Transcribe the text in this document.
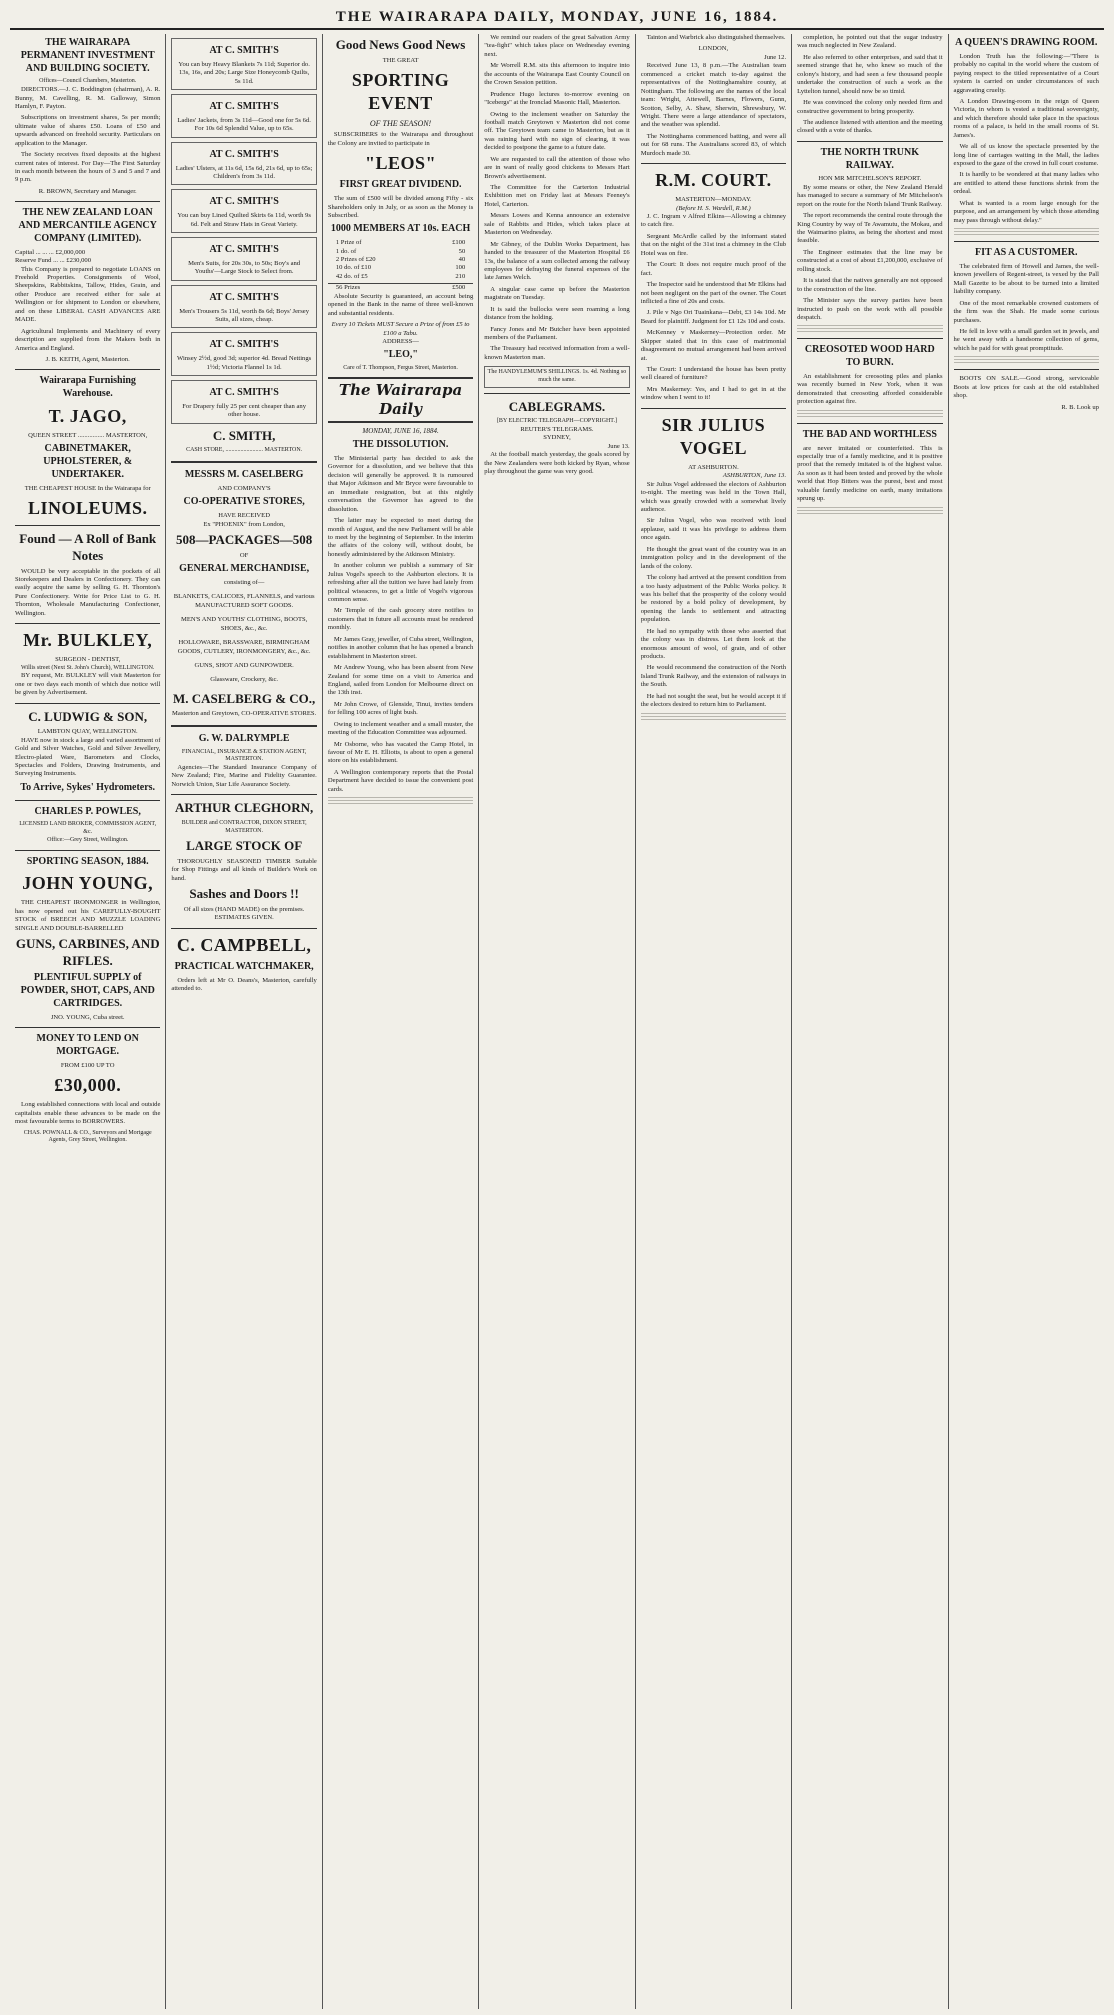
THE WAIRARAPA DAILY, MONDAY, JUNE 16, 1884.
THE WAIRARAPA PERMANENT INVESTMENT AND BUILDING SOCIETY.
Offices—Council Chambers, Masterton.

DIRECTORS.—J. C. Boddington (chairman), A. R. Bunny, M. Cavelling, R. M. Galloway, Simon Hamlyn, F. Payton.

Subscriptions on investment shares, 5s per month; ultimate value of shares £50. Loans of £50 and upwards advanced on freehold security. Particulars on application to the Manager.

The Society receives fixed deposits at the highest current rates of interest. For Day—The First Saturday in each month between the hours of 3 and 5 and 7 and 9 p.m.

R. BROWN, Secretary and Manager.
THE NEW ZEALAND LOAN AND MERCANTILE AGENCY COMPANY (LIMITED).
Capital ... ... ... £2,000,000
Reserve Fund ... ... £230,000

This Company is prepared to negotiate LOANS on Freehold Properties. Consignments of Wool, Sheepskins, Rabbitskins, Tallow, Hides, Grain, and other Produce are received either for sale at Wellington or for shipment to London or elsewhere, and on these LIBERAL CASH ADVANCES ARE MADE.

Agricultural Implements and Machinery of every description are supplied from the Makers both in America and England.

J. B. KEITH, Agent, Masterton.
Wairarapa Furnishing Warehouse.
T. JAGO,
QUEEN STREET ................ MASTERTON,
CABINETMAKER, UPHOLSTERER, & UNDERTAKER.
THE CHEAPEST HOUSE In the Wairarapa for
LINOLEUMS.
Found — A Roll of Bank Notes

WOULD be very acceptable in the pockets of all Storekeepers and Dealers in Confectionery. They can easily acquire the same by selling G. H. Thornton's Pure Confectionery. Write for Price List to G. H. Thornton, Wholesale Manufacturing Confectioner, Wellington.

Mr. BULKLEY,
SURGEON - DENTIST,
Willis street (Next St. John's Church), WELLINGTON.

BY request, Mr. BULKLEY will visit Masterton for one or two days each month of which due notice will be given by Advertisement.

C. LUDWIG & SON,
LAMBTON QUAY, WELLINGTON.

HAVE now in stock a large and varied assortment of Gold and Silver Watches, Gold and Silver Jewellery, Electro-plated Ware, Barometers and Clocks, Spectacles and Folders, Drawing Instruments, and Surveying Instruments.

To Arrive, Sykes' Hydrometers.
CHARLES P. POWLES,
LICENSED LAND BROKER, COMMISSION AGENT, &c.
Office:—Grey Street, Wellington.
SPORTING SEASON, 1884.
JOHN YOUNG,

THE CHEAPEST IRONMONGER in Wellington, has now opened out his CAREFULLY-BOUGHT STOCK of BREECH AND MUZZLE LOADING SINGLE AND DOUBLE-BARRELLED

GUNS, CARBINES, AND RIFLES.
PLENTIFUL SUPPLY of POWDER, SHOT, CAPS, AND CARTRIDGES.
JNO. YOUNG, Cuba street.
MONEY TO LEND ON MORTGAGE.
FROM £100 UP TO
£30,000.

Long established connections with local and outside capitalists enable these advances to be made on the most favourable terms to BORROWERS.

CHAS. POWNALL & CO., Surveyors and Mortgage Agents, Grey Street, Wellington.
AT C. SMITH'S
You can buy Heavy Blankets 7s 11d; Superior do. 13s, 16s, and 20s; Large Size Honeycomb Quilts, 5s 11d.
AT C. SMITH'S
Ladies' Jackets, from 3s 11d—Good one for 5s 6d. For 10s 6d Splendid Value, up to 65s.
AT C. SMITH'S
Ladies' Ulsters, at 11s 6d, 15s 6d, 21s 6d, up to 65s; Children's from 3s 11d.
AT C. SMITH'S
You can buy Lined Quilted Skirts 6s 11d, worth 9s 6d. Felt and Straw Hats in Great Variety.
AT C. SMITH'S
Men's Suits, for 20s 30s, to 50s; Boy's and Youths'—Large Stock to Select from.
AT C. SMITH'S
Men's Trousers 5s 11d, worth 8s 6d; Boys' Jersey Suits, all sizes, cheap.
AT C. SMITH'S
Winsey 2½d, good 3d; superior 4d. Bread Nettings 1½d; Victoria Flannel 1s 1d.
AT C. SMITH'S
For Drapery fully 25 per cent cheaper than any other house.
C. SMITH,
CASH STORE, ......................... MASTERTON.
MESSRS M. CASELBERG
AND COMPANY'S
CO-OPERATIVE STORES,
HAVE RECEIVED
Ex "PHOENIX" from London,
508—PACKAGES—508
OF
GENERAL MERCHANDISE,
consisting of—
BLANKETS, CALICOES, FLANNELS, and various MANUFACTURED SOFT GOODS.
MEN'S AND YOUTHS' CLOTHING, BOOTS, SHOES, &c., &c.
HOLLOWARE, BRASSWARE, BIRMINGHAM GOODS, CUTLERY, IRONMONGERY, &c., &c.
GUNS, SHOT AND GUNPOWDER.
Glassware, Crockery, &c.
M. CASELBERG & CO.,
Masterton and Greytown, CO-OPERATIVE STORES.
G. W. DALRYMPLE
FINANCIAL, INSURANCE & STATION AGENT, MASTERTON.

Agencies—The Standard Insurance Company of New Zealand; Fire, Marine and Fidelity Guarantee. Norwich Union, Star Life Assurance Society.

ARTHUR CLEGHORN,
BUILDER and CONTRACTOR, DIXON STREET, MASTERTON.
LARGE STOCK OF

THOROUGHLY SEASONED TIMBER Suitable for Shop Fittings and all kinds of Builder's Work on hand.

Sashes and Doors !!
Of all sizes (HAND MADE) on the premises. ESTIMATES GIVEN.
C. CAMPBELL,
PRACTICAL WATCHMAKER,

Orders left at Mr O. Deans's, Masterton, carefully attended to.

Good News Good News
THE GREAT
SPORTING EVENT
OF THE SEASON!

SUBSCRIBERS to the Wairarapa and throughout the Colony are invited to participate in

"LEOS"
FIRST GREAT DIVIDEND.

The sum of £500 will be divided among Fifty - six Shareholders only in July, or as soon as the Money is Subscribed.

1000 MEMBERS AT 10s. EACH
1 Prize of	£100
1 do. of	50
2 Prizes of £20	40
10 do. of £10	100
42 do. of £5	210
56 Prizes	£500

Absolute Security is guaranteed, an account being opened in the Bank in the name of three well-known and substantial residents.

Every 10 Tickets MUST Secure a Prize of from £5 to £100 a Tabu.
ADDRESS—
"LEO,"
Care of T. Thompson, Fergus Street, Masterton.
The Wairarapa Daily
MONDAY, JUNE 16, 1884.
THE DISSOLUTION.

The Ministerial party has decided to ask the Governor for a dissolution, and we believe that this decision will generally be approved. It is rumoured that Major Atkinson and Mr Bryce were favourable to an immediate resignation, but at this nightly conversation the Governor has agreed to the dissolution.

The latter may be expected to meet during the month of August, and the new Parliament will be able to meet by the beginning of September. In the interim the affairs of the colony will, without doubt, be honestly administered by the Atkinson Ministry.

In another column we publish a summary of Sir Julius Vogel's speech to the Ashburton electors. It is refreshing after all the tuition we have had lately from political wiseacres, to get a little of Vogel's vigorous common sense.

Mr Temple of the cash grocery store notifies to customers that in future all accounts must be rendered monthly.

Mr James Gray, jeweller, of Cuba street, Wellington, notifies in another column that he has opened a branch establishment in Masterton street.

Mr Andrew Young, who has been absent from New Zealand for some time on a visit to America and England, sailed from London for Melbourne direct on the 13th inst.

Mr John Crowe, of Glenside, Tinui, invites tenders for felling 100 acres of light bush.

Owing to inclement weather and a small muster, the meeting of the Education Committee was adjourned.

Mr Osborne, who has vacated the Camp Hotel, in favour of Mr E. H. Elliotts, is about to open a general store on his establishment.

A Wellington contemporary reports that the Postal Department have decided to issue the convenient post cards.

We remind our readers of the great Salvation Army "tea-fight" which takes place on Wednesday evening next.

Mr Worrell R.M. sits this afternoon to inquire into the accounts of the Wairarapa East County Council on the Crown Session petition.

Prudence Hugo lectures to-morrow evening on "Icebergs" at the Ironclad Masonic Hall, Masterton.

Owing to the inclement weather on Saturday the football match Greytown v Masterton did not come off. The Greytown team came to Masterton, but as it was raining hard with no sign of clearing, it was decided to postpone the game to a future date.

We are requested to call the attention of those who are in want of really good chickens to Messrs Hart Brown's advertisement.

The Committee for the Carterton Industrial Exhibition met on Friday last at Messrs Feeney's Hotel, Carterton.

Messrs Lowes and Kenna announce an extensive sale of Rabbits and Hides, which takes place at Masterton on Wednesday.

Mr Gibney, of the Dublin Works Department, has handed to the treasurer of the Masterton Hospital £6 13s, the balance of a sum collected among the railway employees for defraying the funeral expenses of the late James Welch.

A singular case came up before the Masterton magistrate on Tuesday.

It is said the bullocks were seen roaming a long distance from the holding.

Fancy Jones and Mr Butcher have been appointed members of the Parliament.

The Treasury had received information from a well-known Masterton man.

The HANDYLEMUM'S SHILLINGS. 1s. 4d. Nothing so much the same.
CABLEGRAMS.
[BY ELECTRIC TELEGRAPH—COPYRIGHT.]
REUTER'S TELEGRAMS.
SYDNEY,
June 13.

At the football match yesterday, the goals scored by the New Zealanders were both kicked by Ryan, whose play throughout the game was very good.

Tainton and Warbrick also distinguished themselves.

LONDON,
June 12.

Received June 13, 8 p.m.—The Australian team commenced a cricket match to-day against the representatives of the Nottinghamshire county, at Nottingham. The following are the names of the local team: Wright, Attewell, Barnes, Flowers, Gunn, Scotton, Selby, A. Shaw, Sherwin, Shrewsbury, W. Wright. There were a large attendance of spectators, and the weather was splendid.

The Nottinghams commenced batting, and were all out for 68 runs. The Australians scored 83, of which Murdoch made 30.

R.M. COURT.
MASTERTON—MONDAY.
(Before H. S. Wardell, R.M.)

J. C. Ingram v Alfred Elkins—Allowing a chimney to catch fire.

Sergeant McArdle called by the informant stated that on the night of the 31st inst a chimney in the Club Hotel was on fire.

The Court: It does not require much proof of the fact.

The Inspector said he understood that Mr Elkins had not been negligent on the part of the owner. The Court inflicted a fine of 20s and costs.

J. Pile v Ngo Ori Tuainkana—Debt, £3 14s 10d. Mr Beard for plaintiff. Judgment for £1 12s 10d and costs.

McKenney v Maskerney—Protection order. Mr Skipper stated that in this case of matrimonial disagreement no mutual arrangement had been arrived at.

The Court: I understand the house has been pretty well cleared of furniture?

Mrs Maskerney: Yes, and I had to get in at the window when I went to it!

SIR JULIUS VOGEL
AT ASHBURTON.
ASHBURTON, June 13.

Sir Julius Vogel addressed the electors of Ashburton to-night. The meeting was held in the Town Hall, which was greatly crowded with a somewhat lively audience.

Sir Julius Vogel, who was received with loud applause, said it was his privilege to address them once again.

He thought the great want of the country was in an immigration policy and in the development of the lands of the colony.

The colony had arrived at the present condition from a too hasty adjustment of the Public Works policy. It was his belief that the prosperity of the colony would be restored by a bold policy of development, by opening the lands to settlement and attracting population.

He had no sympathy with those who asserted that the colony was in distress. Let them look at the enormous amount of wool, of grain, and of other products.

He would recommend the construction of the North Island Trunk Railway, and the extension of railways in the South.

He had not sought the seat, but he would accept it if the electors desired to return him to Parliament.

completion, he pointed out that the sugar industry was much neglected in New Zealand.

He also referred to other enterprises, and said that it seemed strange that he, who knew so much of the colony's history, and had seen a few thousand people undertake the construction of such a work as the Lyttelton tunnel, should now be so timid.

He was convinced the colony only needed firm and constructive government to bring prosperity.

The audience listened with attention and the meeting closed with a vote of thanks.

THE NORTH TRUNK RAILWAY.
HON MR MITCHELSON'S REPORT.

By some means or other, the New Zealand Herald has managed to secure a summary of Mr Mitchelson's report on the route for the North Island Trunk Railway.

The report recommends the central route through the King Country by way of Te Awamutu, the Mokau, and the Waimarino plains, as being the shortest and most feasible.

The Engineer estimates that the line may be constructed at a cost of about £1,200,000, exclusive of rolling stock.

It is stated that the natives generally are not opposed to the construction of the line.

The Minister says the survey parties have been instructed to push on the work with all possible despatch.

CREOSOTED WOOD HARD TO BURN.

An establishment for creosoting piles and planks was recently burned in New York, when it was demonstrated that creosoting afforded considerable protection against fire.

THE BAD AND WORTHLESS

are never imitated or counterfeited. This is especially true of a family medicine, and it is positive proof that the remedy imitated is of the highest value. As soon as it had been tested and proved by the whole world that Hop Bitters was the purest, best and most valuable family medicine on earth, many imitations sprung up.

A QUEEN'S DRAWING ROOM.

London Truth has the following:—"There is probably no capital in the world where the custom of paying respect to the titled representative of a Court system is carried on under circumstances of such aggravating cruelty.

A London Drawing-room in the reign of Queen Victoria, in whom is vested a traditional sovereignty, and which therefore should take place in the spacious rooms of a palace, is held in the small rooms of St. James's.

We all of us know the spectacle presented by the long line of carriages waiting in the Mall, the ladies exposed to the gaze of the crowd in full court costume.

It is hardly to be wondered at that many ladies who are entitled to attend these functions shrink from the ordeal.

What is wanted is a room large enough for the purpose, and an arrangement by which those attending may pass through without delay."

FIT AS A CUSTOMER.

The celebrated firm of Howell and James, the well-known jewellers of Regent-street, is vexed by the Pall Mall Gazette to be about to be turned into a limited liability company.

One of the most remarkable crowned customers of the firm was the Shah. He made some curious purchases.

He fell in love with a small garden set in jewels, and he went away with a handsome collection of gems, which he paid for with great promptitude.

BOOTS ON SALE.—Good strong, serviceable Boots at low prices for cash at the old established shop.

R. B. Look up
